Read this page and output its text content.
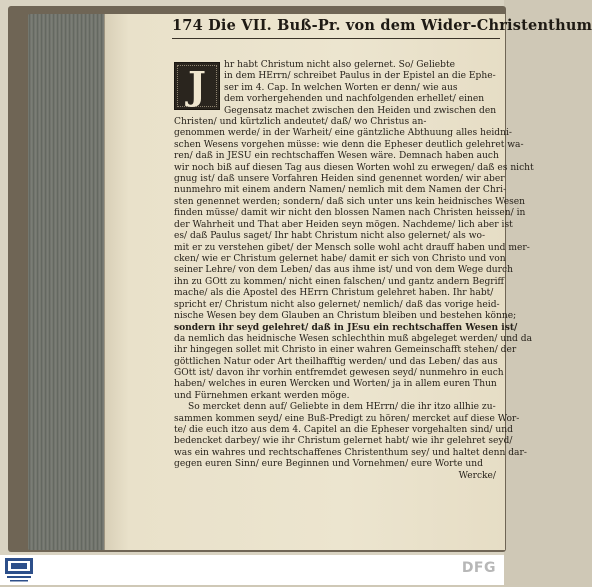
174 Die VII. Buß-Pr. von dem Wider-Christenthum
J	hr habt Christum nicht also gelernet. So/ Geliebte
in dem HErrn/ schreibet Paulus in der Epistel an die Ephe-
ser im 4. Cap. In welchen Worten er denn/ wie aus
dem vorhergehenden und nachfolgenden erhellet/ einen
Gegensatz machet zwischen den Heiden und zwischen den
Christen/ und kürtzlich andeutet/ daß/ wo Christus an-
genommen werde/ in der Warheit/ eine gäntzliche Abthuung alles heidni-
schen Wesens vorgehen müsse: wie denn die Epheser deutlich gelehret wa-
ren/ daß in JESU ein rechtschaffen Wesen wäre. Demnach haben auch
wir noch biß auf diesen Tag aus diesen Worten wohl zu erwegen/ daß es nicht
gnug ist/ daß unsere Vorfahren Heiden sind genennet worden/ wir aber
nunmehro mit einem andern Namen/ nemlich mit dem Namen der Chri-
sten genennet werden; sondern/ daß sich unter uns kein heidnisches Wesen
finden müsse/ damit wir nicht den blossen Namen nach Christen heissen/ in
der Wahrheit und That aber Heiden seyn mögen. Nachdeme/ lich aber ist
es/ daß Paulus saget/ Ihr habt Christum nicht also gelernet/ als wo-
mit er zu verstehen gibet/ der Mensch solle wohl acht drauff haben und mer-
cken/ wie er Christum gelernet habe/ damit er sich von Christo und von
seiner Lehre/ von dem Leben/ das aus ihme ist/ und von dem Wege durch
ihn zu GOtt zu kommen/ nicht einen falschen/ und gantz andern Begriff
mache/ als die Apostel des HErrn Christum gelehret haben. Ihr habt/
spricht er/ Christum nicht also gelernet/ nemlich/ daß das vorige heid-
nische Wesen bey dem Glauben an Christum bleiben und bestehen könne;
sondern ihr seyd gelehret/ daß in JEsu ein rechtschaffen Wesen ist/
da nemlich das heidnische Wesen schlechthin muß abgeleget werden/ und da
ihr hingegen sollet mit Christo in einer wahren Gemeinschafft stehen/ der
göttlichen Natur oder Art theilhafftig werden/ und das Leben/ das aus
GOtt ist/ davon ihr vorhin entfremdet gewesen seyd/ nunmehro in euch
haben/ welches in euren Wercken und Worten/ ja in allem euren Thun
und Fürnehmen erkant werden möge.
So mercket denn auf/ Geliebte in dem HErrn/ die ihr itzo allhie zu-
sammen kommen seyd/ eine Buß-Predigt zu hören/ mercket auf diese Wor-
te/ die euch itzo aus dem 4. Capitel an die Epheser vorgehalten sind/ und
bedencket darbey/ wie ihr Christum gelernet habt/ wie ihr gelehret seyd/
was ein wahres und rechtschaffenes Christenthum sey/ und haltet denn dar-
gegen euren Sinn/ eure Beginnen und Vornehmen/ eure Worte und
Wercke/
DFG
